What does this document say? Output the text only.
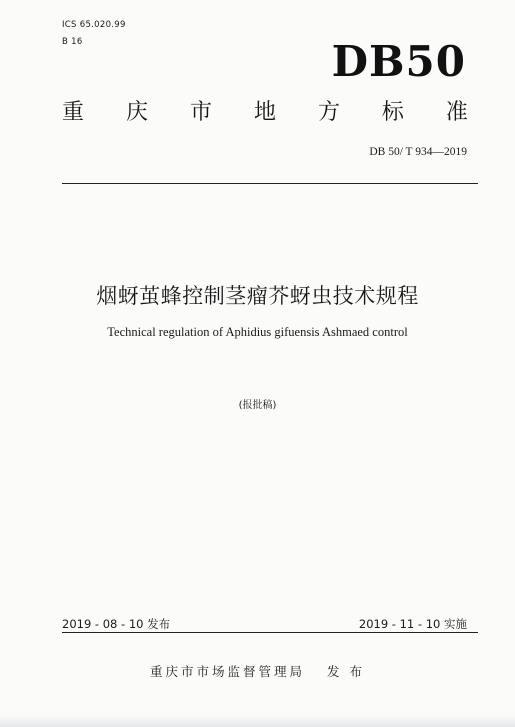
ICS 65.020.99

B 16	DB50
重 庆 市 地 方 标 准

DB 50/ T 934—2019

烟蚜茧蜂控制茎瘤芥蚜虫技术规程

Technical regulation of Aphidius gifuensis Ashmaed control

(报批稿)

2019 - 08 - 10 发布	2019 - 11 - 10 实施

重庆市市场监督管理局 发 布
